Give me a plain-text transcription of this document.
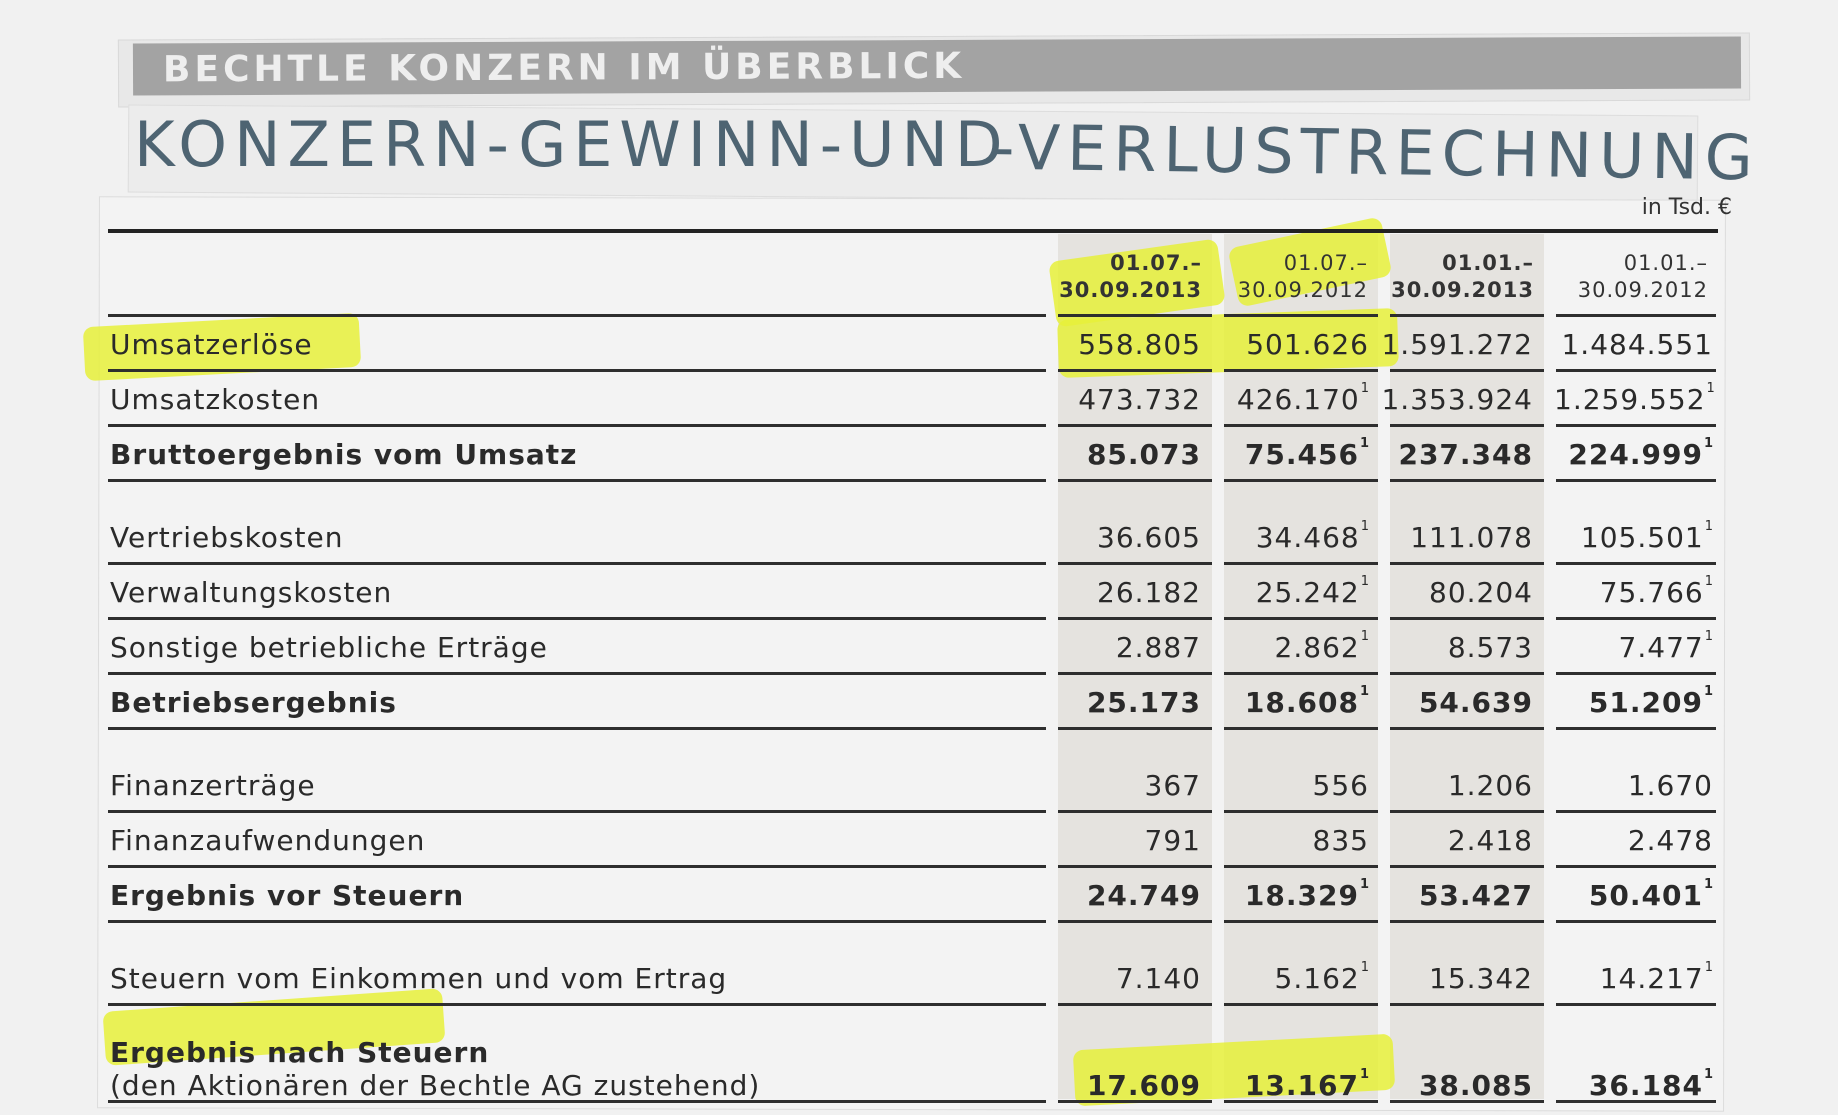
BECHTLE KONZERN IM ÜBERBLICK
KONZERN-GEWINN-UND
-VERLUSTRECHNUNG
in Tsd. €
01.07.–
30.09.2013
01.07.–
30.09.2012
01.01.–
30.09.2013
01.01.–
30.09.2012
Umsatzerlöse	558.805	501.626 1.591.272 1.484.551
Umsatzkosten	473.732	426.170$^1$ 1.353.924 1.259.552$^1$
Bruttoergebnis vom Umsatz	85.073	75.456$^1$	237.348	224.999$^1$
Vertriebskosten	36.605	34.468$^1$	111.078	105.501$^1$
Verwaltungskosten	26.182	25.242$^1$	80.204	75.766$^1$
Sonstige betriebliche Erträge	2.887	2.862$^1$	8.573	7.477$^1$
Betriebsergebnis	25.173	18.608$^1$	54.639	51.209$^1$
Finanzerträge	367	556	1.206	1.670
Finanzaufwendungen	791	835	2.418	2.478
Ergebnis vor Steuern	24.749	18.329$^1$	53.427	50.401$^1$
Steuern vom Einkommen und vom Ertrag	7.140	5.162$^1$	15.342	14.217$^1$
Ergebnis nach Steuern
(den Aktionären der Bechtle AG zustehend)	17.609	13.167$^1$	38.085	36.184$^1$
